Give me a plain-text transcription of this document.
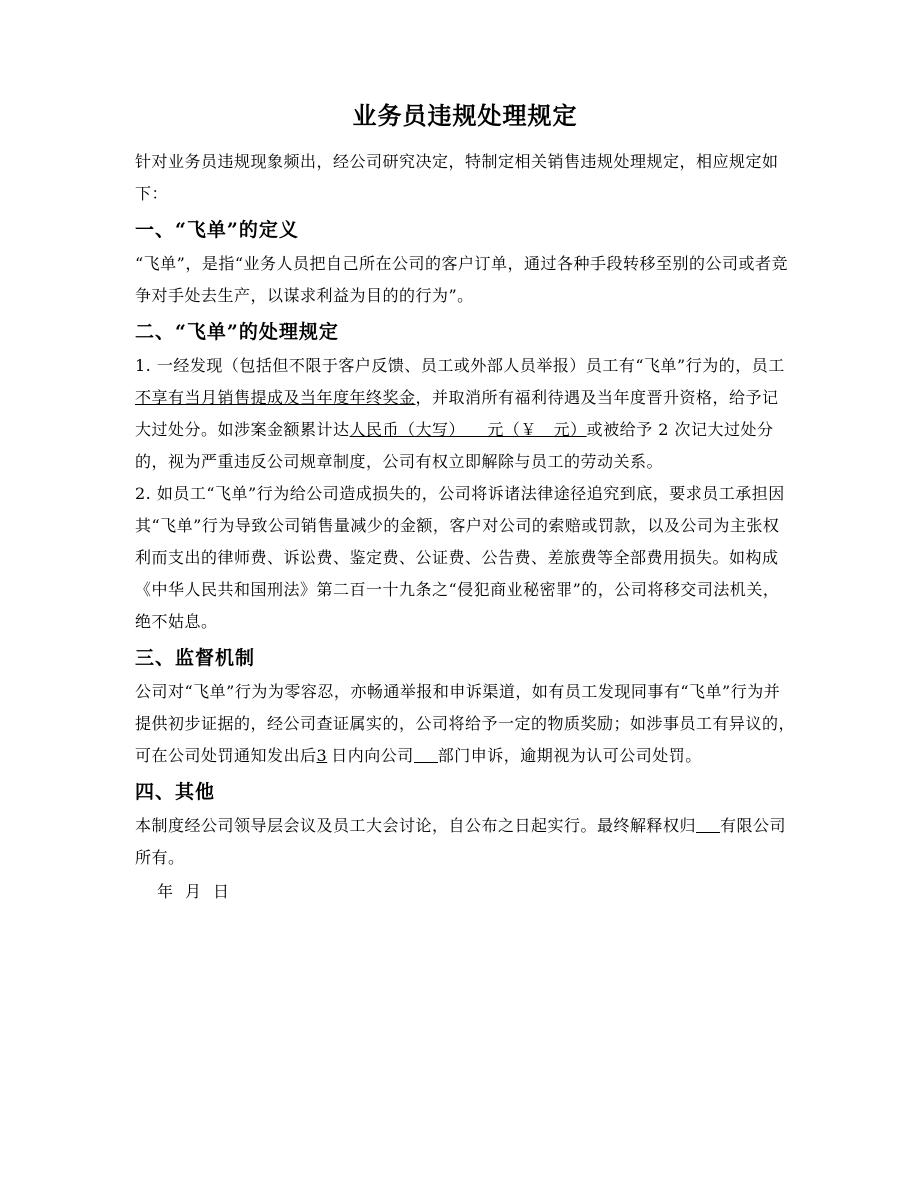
业务员违规处理规定

针对业务员违规现象频出，经公司研究决定，特制定相关销售违规处理规定，相应规定如下：

一、“飞单”的定义

“飞单”，是指“业务人员把自己所在公司的客户订单，通过各种手段转移至别的公司或者竞争对手处去生产，以谋求利益为目的的行为”。

二、“飞单”的处理规定

1. 一经发现（包括但不限于客户反馈、员工或外部人员举报）员工有“飞单”行为的，员工不享有当月销售提成及当年度年终奖金，并取消所有福利待遇及当年度晋升资格，给予记大过处分。如涉案金额累计达人民币（大写）    元（￥   元）或被给予 2 次记大过处分的，视为严重违反公司规章制度，公司有权立即解除与员工的劳动关系。

2. 如员工“飞单”行为给公司造成损失的，公司将诉诸法律途径追究到底，要求员工承担因其“飞单”行为导致公司销售量减少的金额，客户对公司的索赔或罚款，以及公司为主张权利而支出的律师费、诉讼费、鉴定费、公证费、公告费、差旅费等全部费用损失。如构成《中华人民共和国刑法》第二百一十九条之“侵犯商业秘密罪”的，公司将移交司法机关，绝不姑息。

三、监督机制

公司对“飞单”行为为零容忍，亦畅通举报和申诉渠道，如有员工发现同事有“飞单”行为并提供初步证据的，经公司查证属实的，公司将给予一定的物质奖励；如涉事员工有异议的，可在公司处罚通知发出后3 日内向公司 部门申诉，逾期视为认可公司处罚。

四、其他

本制度经公司领导层会议及员工大会讨论，自公布之日起实行。最终解释权归 有限公司所有。

年 月 日
